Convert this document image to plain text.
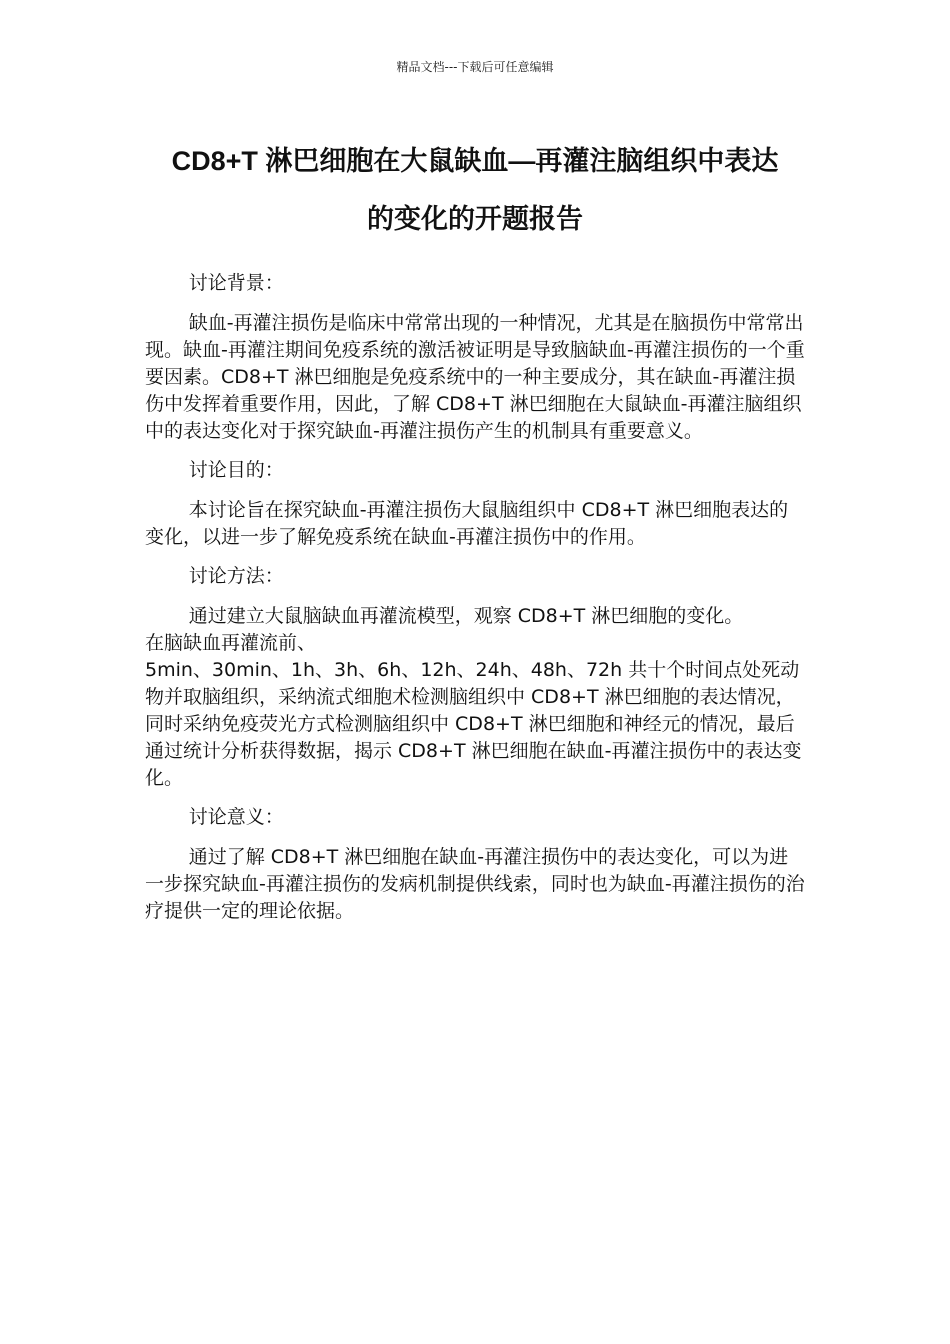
精品文档---下载后可任意编辑
CD8+T 淋巴细胞在大鼠缺血—再灌注脑组织中表达
的变化的开题报告

讨论背景：

缺血-再灌注损伤是临床中常常出现的一种情况，尤其是在脑损伤中常常出现。缺血-再灌注期间免疫系统的激活被证明是导致脑缺血-再灌注损伤的一个重要因素。CD8+T 淋巴细胞是免疫系统中的一种主要成分，其在缺血-再灌注损伤中发挥着重要作用，因此，了解 CD8+T 淋巴细胞在大鼠缺血-再灌注脑组织中的表达变化对于探究缺血-再灌注损伤产生的机制具有重要意义。

讨论目的：

本讨论旨在探究缺血-再灌注损伤大鼠脑组织中 CD8+T 淋巴细胞表达的变化，以进一步了解免疫系统在缺血-再灌注损伤中的作用。

讨论方法：

通过建立大鼠脑缺血再灌流模型，观察 CD8+T 淋巴细胞的变化。
在脑缺血再灌流前、
5min、30min、1h、3h、6h、12h、24h、48h、72h 共十个时间点处死动物并取脑组织，采纳流式细胞术检测脑组织中 CD8+T 淋巴细胞的表达情况，同时采纳免疫荧光方式检测脑组织中 CD8+T 淋巴细胞和神经元的情况，最后通过统计分析获得数据，揭示 CD8+T 淋巴细胞在缺血-再灌注损伤中的表达变化。

讨论意义：

通过了解 CD8+T 淋巴细胞在缺血-再灌注损伤中的表达变化，可以为进一步探究缺血-再灌注损伤的发病机制提供线索，同时也为缺血-再灌注损伤的治疗提供一定的理论依据。
